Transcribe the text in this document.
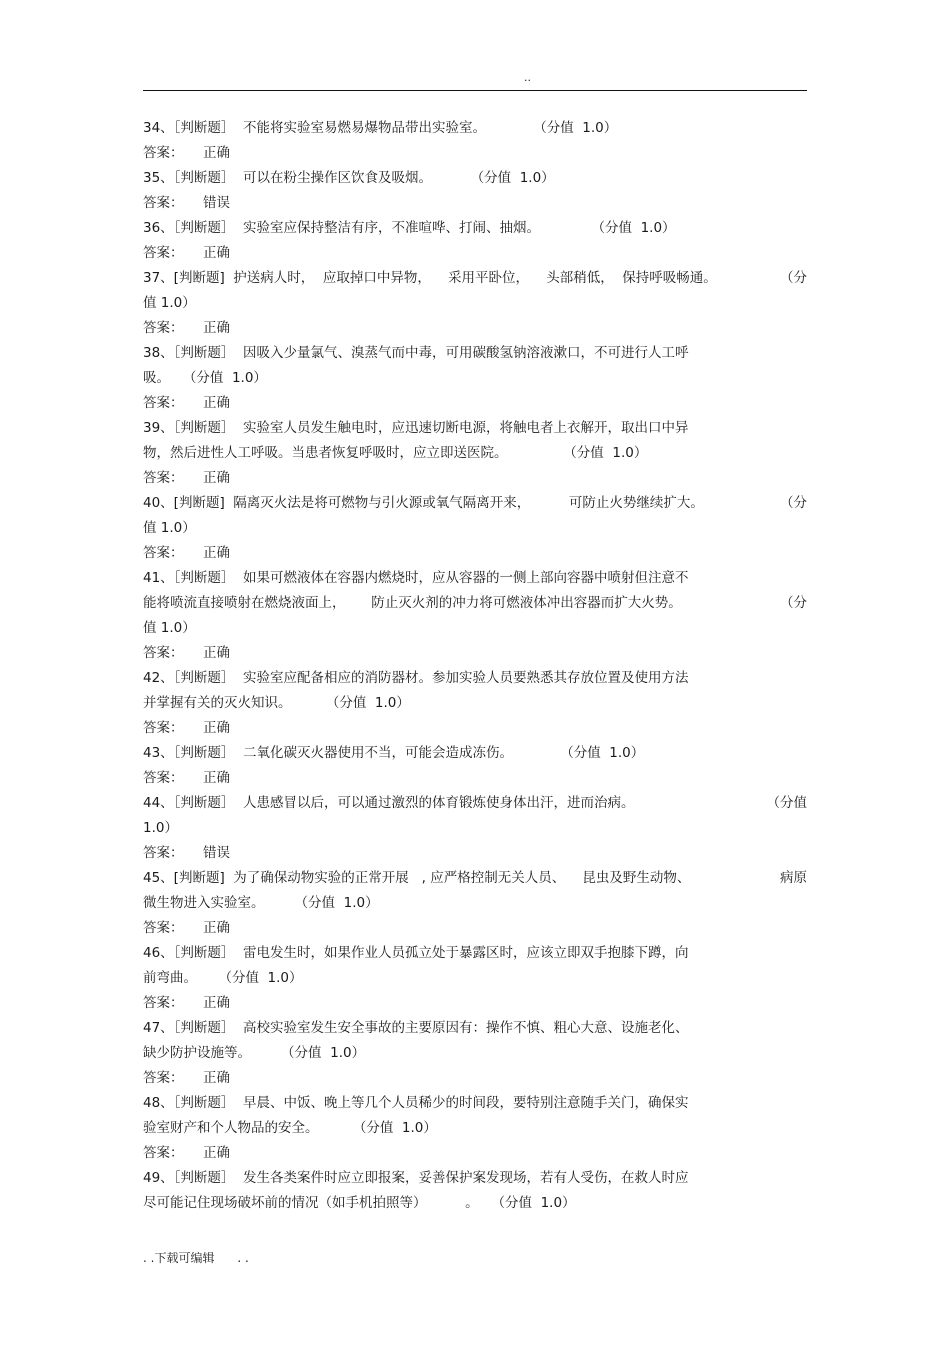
..
34、［判断题］  不能将实验室易燃易爆物品带出实验室。           （分值  1.0）
答案：	正确
35、［判断题］  可以在粉尘操作区饮食及吸烟。         （分值  1.0）
答案：	错误
36、［判断题］  实验室应保持整洁有序，不准喧哗、打闹、抽烟。            （分值  1.0）
答案：	正确
37、[判断题]  护送病人时，  应取掉口中异物，    采用平卧位，    头部稍低，  保持呼吸畅通。	（分
值 1.0）
答案：	正确
38、［判断题］  因吸入少量氯气、溴蒸气而中毒，可用碳酸氢钠溶液漱口，不可进行人工呼
吸。   （分值  1.0）
答案：	正确
39、［判断题］  实验室人员发生触电时，应迅速切断电源，将触电者上衣解开，取出口中异
物，然后进性人工呼吸。当患者恢复呼吸时，应立即送医院。             （分值  1.0）
答案：	正确
40、[判断题]  隔离灭火法是将可燃物与引火源或氧气隔离开来，         可防止火势继续扩大。	（分
值 1.0）
答案：	正确
41、［判断题］  如果可燃液体在容器内燃烧时，应从容器的一侧上部向容器中喷射但注意不
能将喷流直接喷射在燃烧液面上，      防止灭火剂的冲力将可燃液体冲出容器而扩大火势。	（分
值 1.0）
答案：	正确
42、［判断题］  实验室应配备相应的消防器材。参加实验人员要熟悉其存放位置及使用方法
并掌握有关的灭火知识。        （分值  1.0）
答案：	正确
43、［判断题］  二氧化碳灭火器使用不当，可能会造成冻伤。           （分值  1.0）
答案：	正确
44、［判断题］  人患感冒以后，可以通过激烈的体育锻炼使身体出汗，进而治病。	（分值
1.0）
答案：	错误
45、[判断题]  为了确保动物实验的正常开展   , 应严格控制无关人员、    昆虫及野生动物、	病原
微生物进入实验室。       （分值  1.0）
答案：	正确
46、［判断题］  雷电发生时，如果作业人员孤立处于暴露区时，应该立即双手抱膝下蹲，向
前弯曲。     （分值  1.0）
答案：	正确
47、［判断题］  高校实验室发生安全事故的主要原因有：操作不慎、粗心大意、设施老化、
缺少防护设施等。       （分值  1.0）
答案：	正确
48、［判断题］  早晨、中饭、晚上等几个人员稀少的时间段，要特别注意随手关门，确保实
验室财产和个人物品的安全。        （分值  1.0）
答案：	正确
49、［判断题］  发生各类案件时应立即报案，妥善保护案发现场，若有人受伤，在救人时应
尽可能记住现场破坏前的情况（如手机拍照等）         。   （分值  1.0）
. .下载可编辑      . .
